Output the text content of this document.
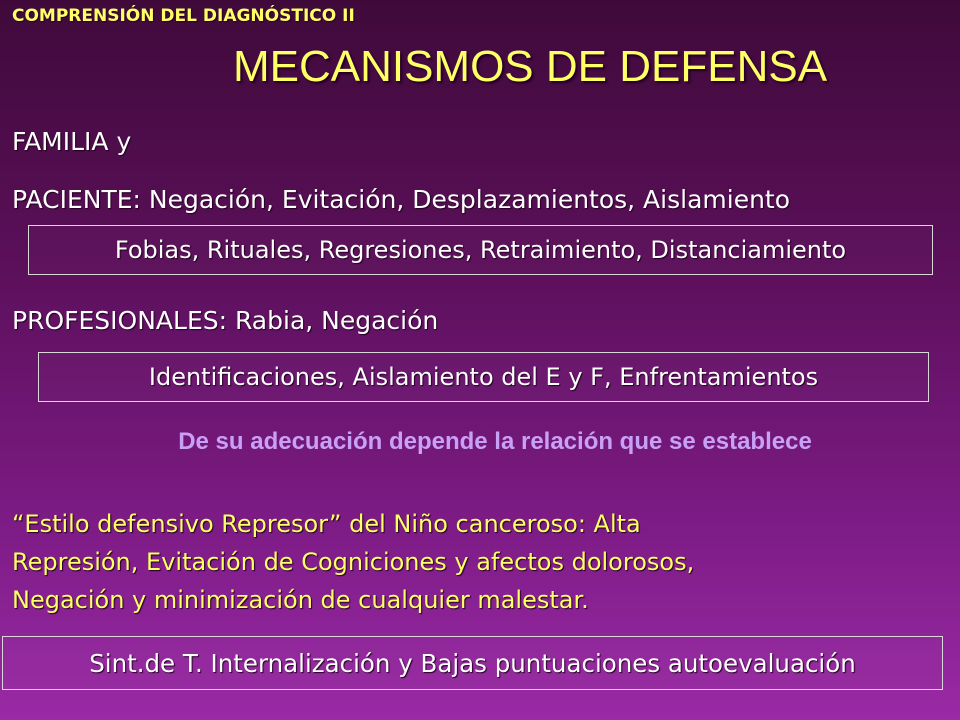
COMPRENSIÓN DEL DIAGNÓSTICO II
MECANISMOS DE DEFENSA
FAMILIA y
PACIENTE: Negación, Evitación, Desplazamientos, Aislamiento
Fobias, Rituales, Regresiones, Retraimiento, Distanciamiento
PROFESIONALES: Rabia, Negación
Identificaciones, Aislamiento del E y F, Enfrentamientos
De su adecuación depende la relación que se establece
“Estilo defensivo Represor” del Niño canceroso: Alta
Represión, Evitación de Cogniciones y afectos dolorosos,
Negación y minimización de cualquier malestar.
Sint.de T. Internalización y Bajas puntuaciones autoevaluación
